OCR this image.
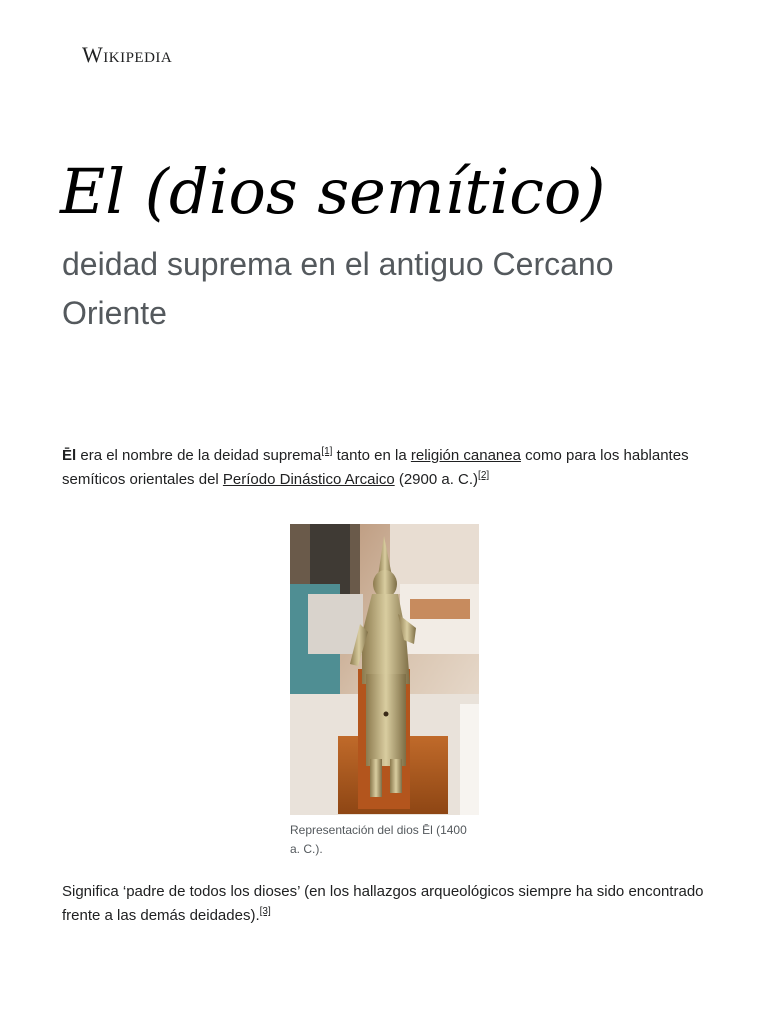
Wikipedia
El (dios semítico)
deidad suprema en el antiguo Cercano Oriente

Ēl era el nombre de la deidad suprema[1] tanto en la religión cananea como para los hablantes semíticos orientales del Período Dinástico Arcaico (2900 a. C.)[2]

Representación del dios Ēl (1400 a. C.).

Significa ‘padre de todos los dioses’ (en los hallazgos arqueológicos siempre ha sido encontrado frente a las demás deidades).[3]
